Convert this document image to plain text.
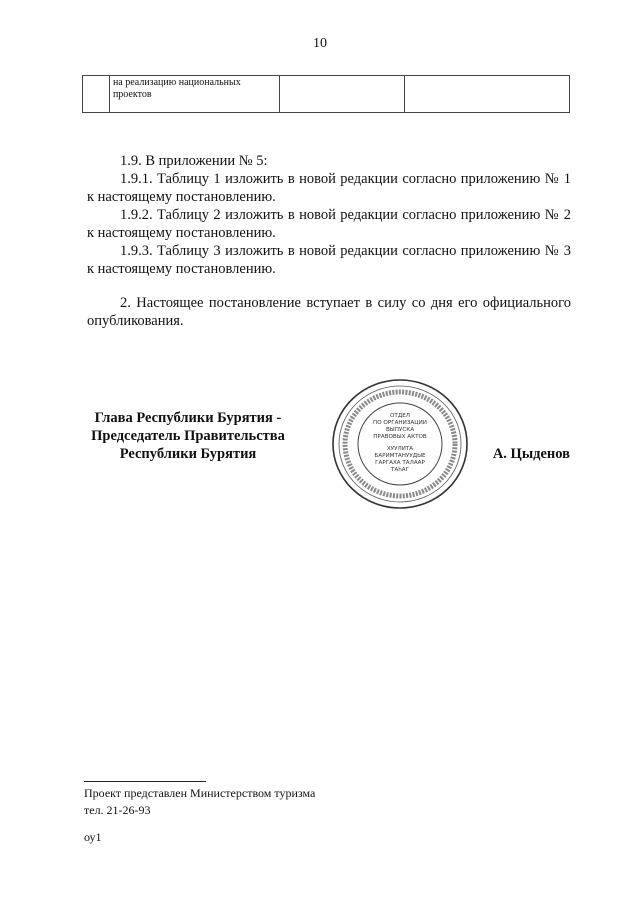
10
	на реализацию национальных проектов		

1.9. В приложении № 5:

1.9.1. Таблицу 1 изложить в новой редакции согласно приложению № 1 к настоящему постановлению.

1.9.2. Таблицу 2 изложить в новой редакции согласно приложению № 2 к настоящему постановлению.

1.9.3. Таблицу 3 изложить в новой редакции согласно приложению № 3 к настоящему постановлению.

2. Настоящее постановление вступает в силу со дня его официального опубликования.

Глава Республики Бурятия -
Председатель Правительства
Республики Бурятия
ОТДЕЛ
ПО ОРГАНИЗАЦИИ
ВЫПУСКА
ПРАВОВЫХ АКТОВ
ХУУЛИТА
БАРИМТАНУУДЫЕ
ГАРГАХА ТАЛААР
ТАһАГ
А. Цыденов
Проект представлен Министерством туризма
тел. 21-26-93
оу1
